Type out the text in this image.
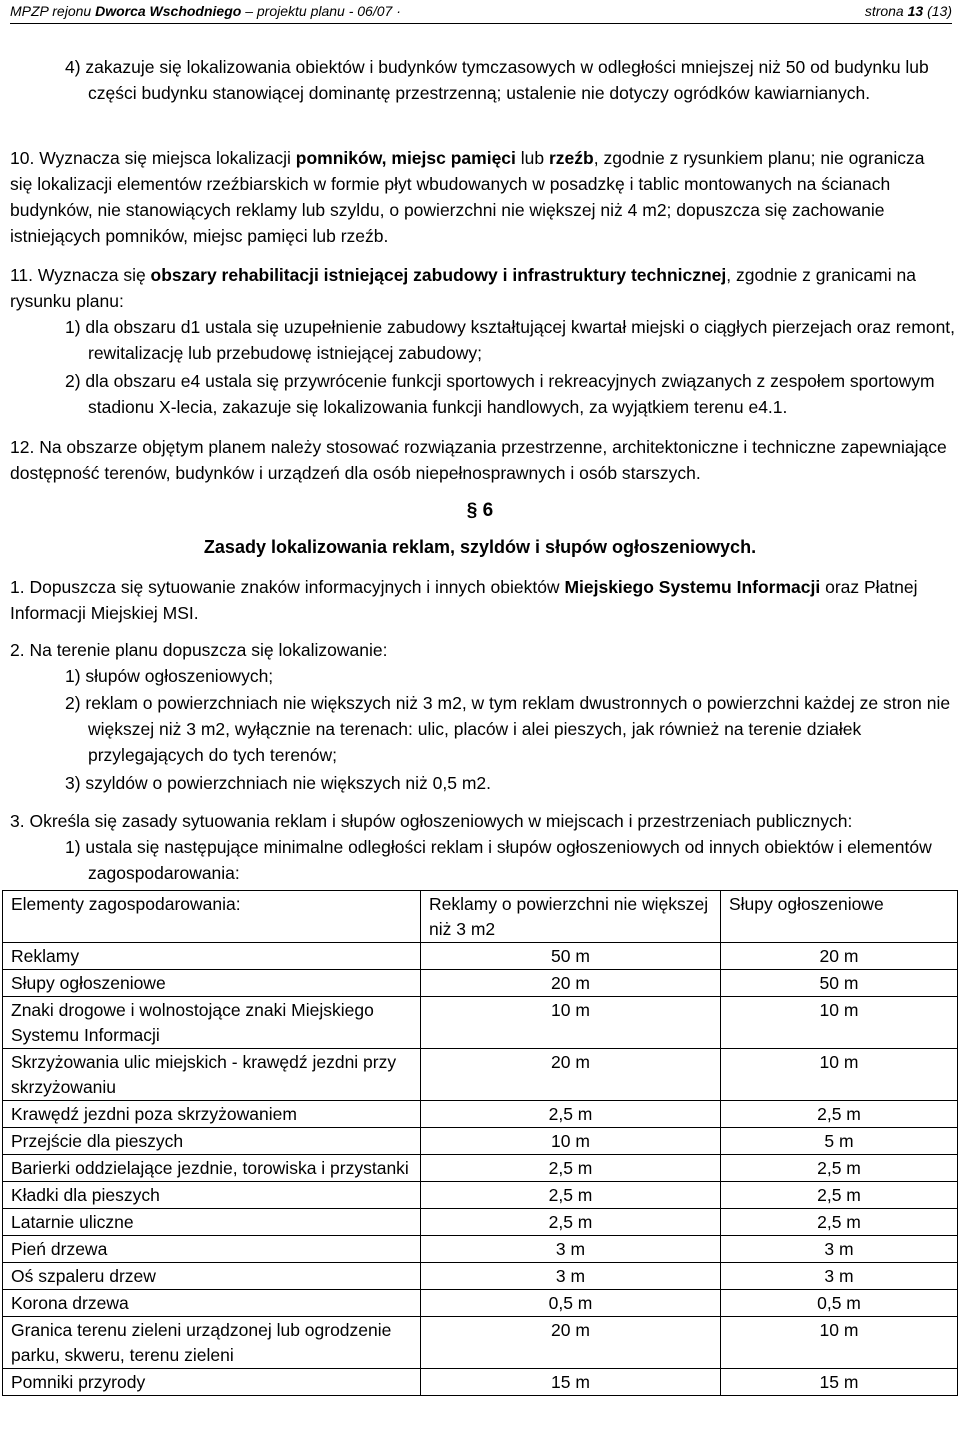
MPZP rejonu Dworca Wschodniego – projektu planu - 06/07 ·	strona 13 (13)

4) zakazuje się lokalizowania obiektów i budynków tymczasowych w odległości mniejszej niż 50 od budynku lub części budynku stanowiącej dominantę przestrzenną; ustalenie nie dotyczy ogródków kawiarnianych.

10. Wyznacza się miejsca lokalizacji pomników, miejsc pamięci lub rzeźb, zgodnie z rysunkiem planu; nie ogranicza się lokalizacji elementów rzeźbiarskich w formie płyt wbudowanych w posadzkę i tablic montowanych na ścianach budynków, nie stanowiących reklamy lub szyldu, o powierzchni nie większej niż 4 m2; dopuszcza się zachowanie istniejących pomników, miejsc pamięci lub rzeźb.

11. Wyznacza się obszary rehabilitacji istniejącej zabudowy i infrastruktury technicznej, zgodnie z granicami na rysunku planu:

1) dla obszaru d1 ustala się uzupełnienie zabudowy kształtującej kwartał miejski o ciągłych pierzejach oraz remont, rewitalizację lub przebudowę istniejącej zabudowy;

2) dla obszaru e4 ustala się przywrócenie funkcji sportowych i rekreacyjnych związanych z zespołem sportowym stadionu X-lecia, zakazuje się lokalizowania funkcji handlowych, za wyjątkiem terenu e4.1.

12. Na obszarze objętym planem należy stosować rozwiązania przestrzenne, architektoniczne i techniczne zapewniające dostępność terenów, budynków i urządzeń dla osób niepełnosprawnych i osób starszych.

§ 6
Zasady lokalizowania reklam, szyldów i słupów ogłoszeniowych.

1. Dopuszcza się sytuowanie znaków informacyjnych i innych obiektów Miejskiego Systemu Informacji oraz Płatnej Informacji Miejskiej MSI.

2. Na terenie planu dopuszcza się lokalizowanie:

1) słupów ogłoszeniowych;

2) reklam o powierzchniach nie większych niż 3 m2, w tym reklam dwustronnych o powierzchni każdej ze stron nie większej niż 3 m2, wyłącznie na terenach: ulic, placów i alei pieszych, jak również na terenie działek przylegających do tych terenów;

3) szyldów o powierzchniach nie większych niż 0,5 m2.

3. Określa się zasady sytuowania reklam i słupów ogłoszeniowych w miejscach i przestrzeniach publicznych:

1) ustala się następujące minimalne odległości reklam i słupów ogłoszeniowych od innych obiektów i elementów zagospodarowania:

Elementy zagospodarowania:	Reklamy o powierzchni nie większej niż 3 m2	Słupy ogłoszeniowe
Reklamy	50 m	20 m
Słupy ogłoszeniowe	20 m	50 m
Znaki drogowe i wolnostojące znaki Miejskiego Systemu Informacji	10 m	10 m
Skrzyżowania ulic miejskich - krawędź jezdni przy skrzyżowaniu	20 m	10 m
Krawędź jezdni poza skrzyżowaniem	2,5 m	2,5 m
Przejście dla pieszych	10 m	5 m
Barierki oddzielające jezdnie, torowiska i przystanki	2,5 m	2,5 m
Kładki dla pieszych	2,5 m	2,5 m
Latarnie uliczne	2,5 m	2,5 m
Pień drzewa	3 m	3 m
Oś szpaleru drzew	3 m	3 m
Korona drzewa	0,5 m	0,5 m
Granica terenu zieleni urządzonej lub ogrodzenie parku, skweru, terenu zieleni	20 m	10 m
Pomniki przyrody	15 m	15 m
